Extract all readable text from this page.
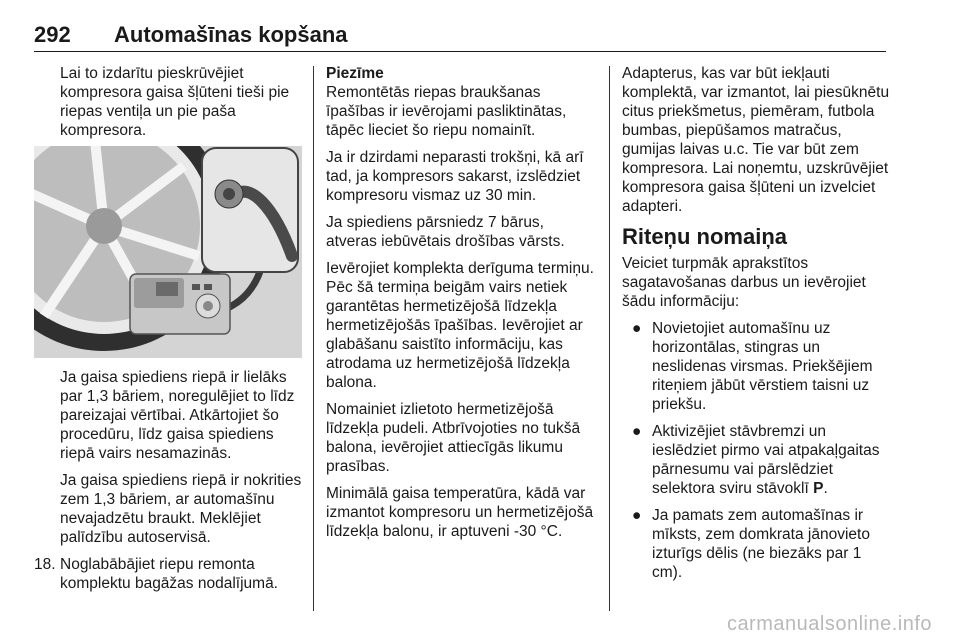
292 Automašīnas kopšana

Lai to izdarītu pieskrūvējiet kompresora gaisa šļūteni tieši pie riepas ventiļa un pie paša kompresora.

Ja gaisa spiediens riepā ir lielāks par 1,3 bāriem, noregulējiet to līdz pareizajai vērtībai. Atkārtojiet šo procedūru, līdz gaisa spiediens riepā vairs nesamazinās.

Ja gaisa spiediens riepā ir nokrities zem 1,3 bāriem, ar automašīnu nevajadzētu braukt. Meklējiet palīdzību autoservisā.

18. Noglabābājiet riepu remonta komplektu bagāžas nodalījumā.

Piezīme

Remontētās riepas braukšanas īpašības ir ievērojami pasliktinātas, tāpēc lieciet šo riepu nomainīt.

Ja ir dzirdami neparasti trokšņi, kā arī tad, ja kompresors sakarst, izslēdziet kompresoru vismaz uz 30 min.

Ja spiediens pārsniedz 7 bārus, atveras iebūvētais drošības vārsts.

Ievērojiet komplekta derīguma termiņu. Pēc šā termiņa beigām vairs netiek garantētas hermetizējošā līdzekļa hermetizējošās īpašības. Ievērojiet ar glabāšanu saistīto informāciju, kas atrodama uz hermetizējošā līdzekļa balona.

Nomainiet izlietoto hermetizējošā līdzekļa pudeli. Atbrīvojoties no tukšā balona, ievērojiet attiecīgās likumu prasības.

Minimālā gaisa temperatūra, kādā var izmantot kompresoru un hermetizējošā līdzekļa balonu, ir aptuveni -30 °C.

Adapterus, kas var būt iekļauti komplektā, var izmantot, lai piesūknētu citus priekšmetus, piemēram, futbola bumbas, piepūšamos matračus, gumijas laivas u.c. Tie var būt zem kompresora. Lai noņemtu, uzskrūvējiet kompresora gaisa šļūteni un izvelciet adapteri.

Riteņu nomaiņa

Veiciet turpmāk aprakstītos sagatavošanas darbus un ievērojiet šādu informāciju:

● Novietojiet automašīnu uz horizontālas, stingras un neslidenas virsmas. Priekšējiem riteņiem jābūt vērstiem taisni uz priekšu.
● Aktivizējiet stāvbremzi un ieslēdziet pirmo vai atpakaļgaitas pārnesumu vai pārslēdziet selektora sviru stāvoklī P.
● Ja pamats zem automašīnas ir mīksts, zem domkrata jānovieto izturīgs dēlis (ne biezāks par 1 cm).
carmanualsonline.info
